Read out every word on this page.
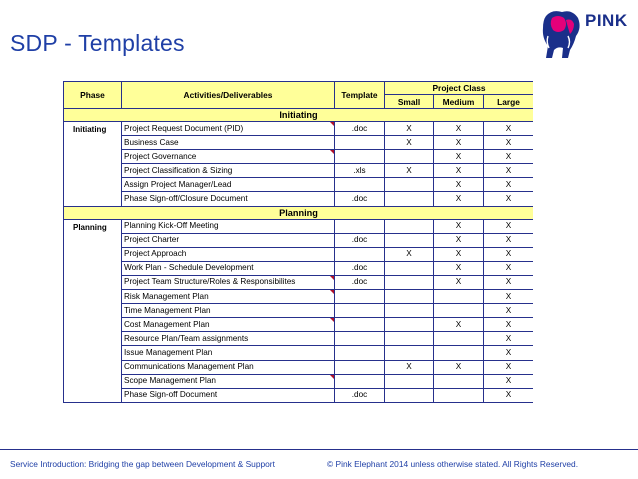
SDP - Templates
PINK
Phase	Activities/Deliverables	Template	Project Class		
			Small	Medium	Large
Initiating					
Initiating	Project Request Document (PID)	.doc	X	X	X
	Business Case		X	X	X
	Project Governance			X	X
	Project Classification & Sizing	.xls	X	X	X
	Assign Project Manager/Lead			X	X
	Phase Sign-off/Closure Document	.doc		X	X
Planning					
Planning	Planning Kick-Off Meeting			X	X
	Project Charter	.doc		X	X
	Project Approach		X	X	X
	Work Plan - Schedule Development	.doc		X	X
	Project Team Structure/Roles & Responsibilites	.doc		X	X
	Risk Management Plan				X
	Time Management Plan				X
	Cost Management Plan			X	X
	Resource Plan/Team assignments				X
	Issue Management Plan				X
	Communications Management Plan		X	X	X
	Scope Management Plan				X
	Phase Sign-off Document	.doc			X
Service Introduction: Bridging the gap between Development & Support	© Pink Elephant 2014 unless otherwise stated. All Rights Reserved.
